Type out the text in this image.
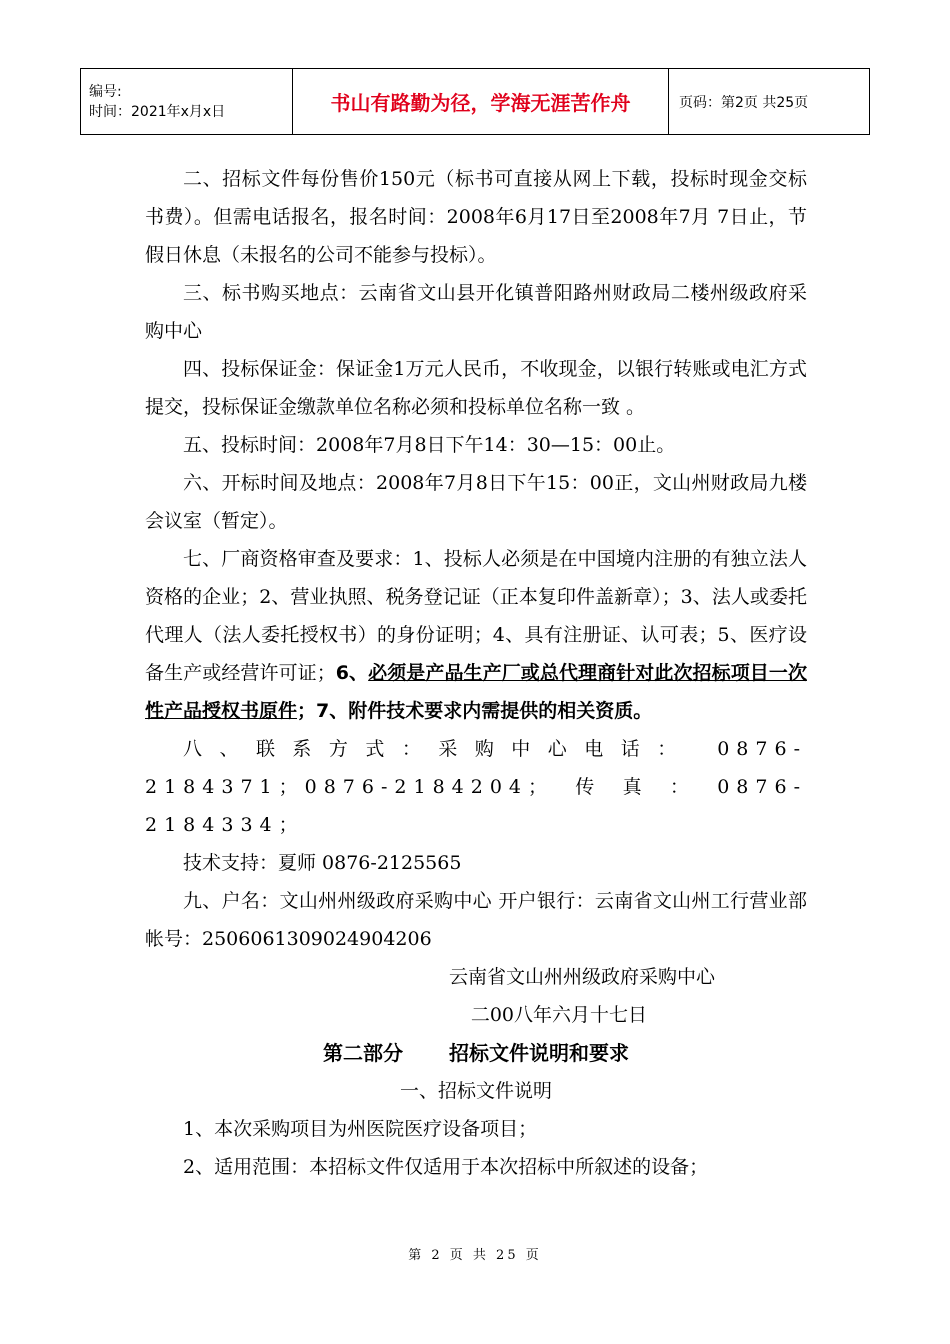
编号:
时间：2021年x月x日	书山有路勤为径，学海无涯苦作舟	页码：第2页 共25页

二、招标文件每份售价150元（标书可直接从网上下载，投标时现金交标书费）。但需电话报名，报名时间：2008年6月17日至2008年7月 7日止，节假日休息（未报名的公司不能参与投标）。

三、标书购买地点：云南省文山县开化镇普阳路州财政局二楼州级政府采购中心

四、投标保证金：保证金1万元人民币，不收现金，以银行转账或电汇方式提交，投标保证金缴款单位名称必须和投标单位名称一致 。

五、投标时间：2008年7月8日下午14：30—15：00止。

六、开标时间及地点：2008年7月8日下午15：00正，文山州财政局九楼会议室（暂定）。

七、厂商资格审查及要求：1、投标人必须是在中国境内注册的有独立法人资格的企业；2、营业执照、税务登记证（正本复印件盖新章）；3、法人或委托代理人（法人委托授权书）的身份证明；4、具有注册证、认可表；5、医疗设备生产或经营许可证；6、必须是产品生产厂或总代理商针对此次招标项目一次性产品授权书原件；7、附件技术要求内需提供的相关资质。

八、联系方式：采购中心电话： 0876-2184371；0876-2184204；传真：0876-2184334；

技术支持：夏师 0876-2125565

九、户名：文山州州级政府采购中心 开户银行：云南省文山州工行营业部 帐号：2506061309024904206

云南省文山州州级政府采购中心

二00八年六月十七日

第二部分 招标文件说明和要求

一、招标文件说明

1、本次采购项目为州医院医疗设备项目；

2、适用范围：本招标文件仅适用于本次招标中所叙述的设备；

第 2 页 共 25 页
